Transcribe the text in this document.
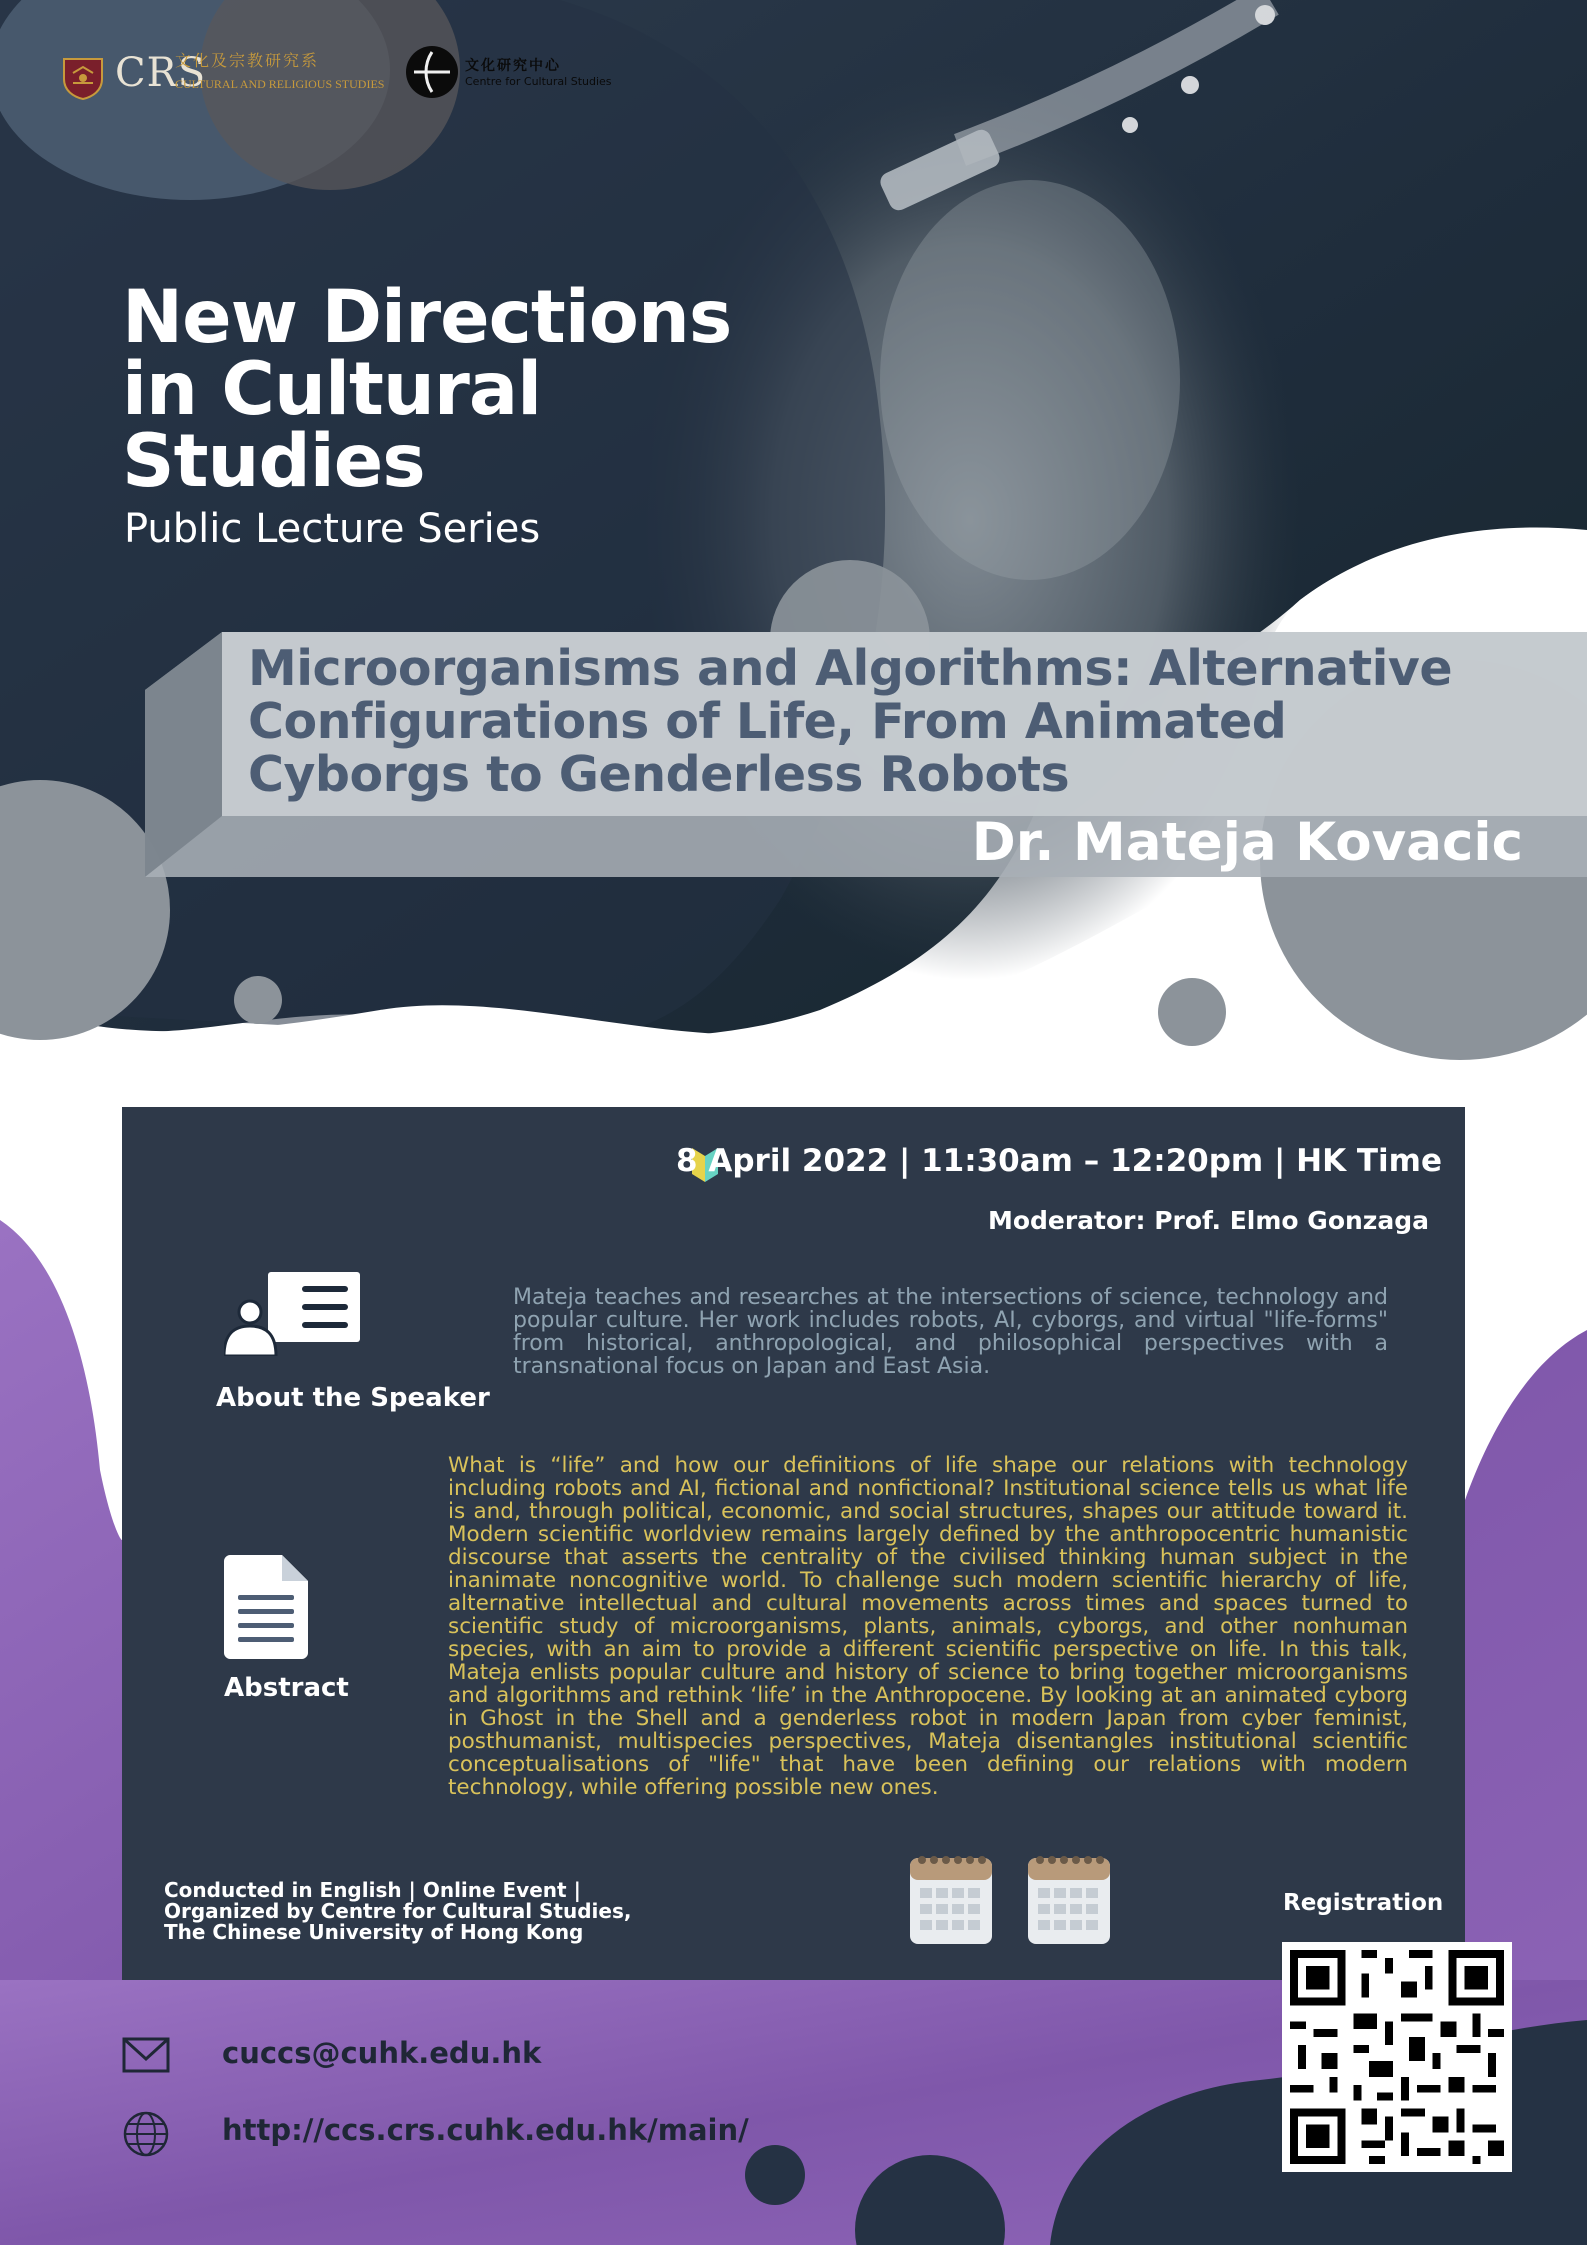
CRS
文化及宗教研究系
CULTURAL AND RELIGIOUS STUDIES
文化研究中心
Centre for Cultural Studies
New Directions
in Cultural
Studies
Public Lecture Series
Microorganisms and Algorithms: Alternative
Configurations of Life, From Animated
Cyborgs to Genderless Robots
Dr. Mateja Kovacic
8 April 2022 | 11:30am – 12:20pm | HK Time
Moderator: Prof. Elmo Gonzaga
About the Speaker
Mateja teaches and researches at the intersections of science, technology and popular culture. Her work includes robots, AI, cyborgs, and virtual "life-forms" from historical, anthropological, and philosophical perspectives with a transnational focus on Japan and East Asia.
Abstract
What is “life” and how our definitions of life shape our relations with technology including robots and AI, fictional and nonfictional? Institutional science tells us what life is and, through political, economic, and social structures, shapes our attitude toward it. Modern scientific worldview remains largely defined by the anthropocentric humanistic discourse that asserts the centrality of the civilised thinking human subject in the inanimate noncognitive world. To challenge such modern scientific hierarchy of life, alternative intellectual and cultural movements across times and spaces turned to scientific study of microorganisms, plants, animals, cyborgs, and other nonhuman species, with an aim to provide a different scientific perspective on life. In this talk, Mateja enlists popular culture and history of science to bring together microorganisms and algorithms and rethink ‘life’ in the Anthropocene. By looking at an animated cyborg in Ghost in the Shell and a genderless robot in modern Japan from cyber feminist, posthumanist, multispecies perspectives, Mateja disentangles institutional scientific conceptualisations of "life" that have been defining our relations with modern technology, while offering possible new ones.
Conducted in English | Online Event |
Organized by Centre for Cultural Studies,
The Chinese University of Hong Kong
Registration
cuccs@cuhk.edu.hk
http://ccs.crs.cuhk.edu.hk/main/
